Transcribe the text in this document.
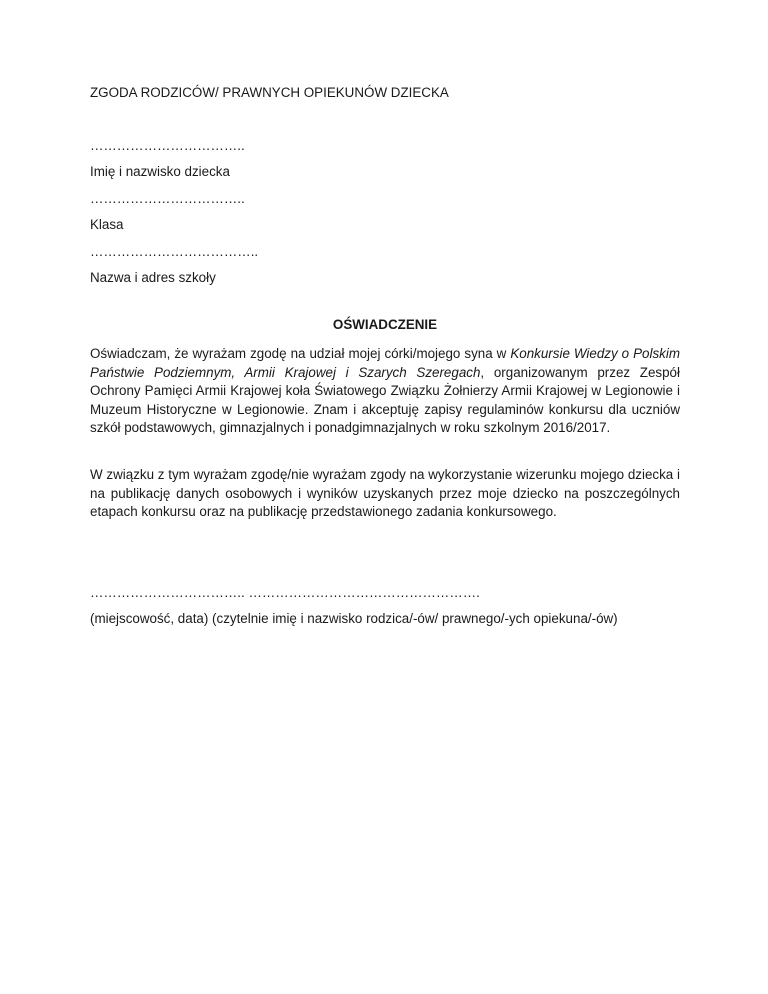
ZGODA RODZICÓW/ PRAWNYCH OPIEKUNÓW DZIECKA
……………………………..
Imię i nazwisko dziecka
……………………………..
Klasa
………………………………..
Nazwa i adres szkoły
OŚWIADCZENIE
Oświadczam, że wyrażam zgodę na udział mojej córki/mojego syna w Konkursie Wiedzy o Polskim Państwie Podziemnym, Armii Krajowej i Szarych Szeregach, organizowanym przez Zespół Ochrony Pamięci Armii Krajowej koła Światowego Związku Żołnierzy Armii Krajowej w Legionowie i Muzeum Historyczne w Legionowie. Znam i akceptuję zapisy regulaminów konkursu dla uczniów szkół podstawowych, gimnazjalnych i ponadgimnazjalnych w roku szkolnym 2016/2017.
W związku z tym wyrażam zgodę/nie wyrażam zgody na wykorzystanie wizerunku mojego dziecka i na publikację danych osobowych i wyników uzyskanych przez moje dziecko na poszczególnych etapach konkursu oraz na publikację przedstawionego zadania konkursowego.
…………………………….. …………………………………………….
(miejscowość, data) (czytelnie imię i nazwisko rodzica/-ów/ prawnego/-ych opiekuna/-ów)
